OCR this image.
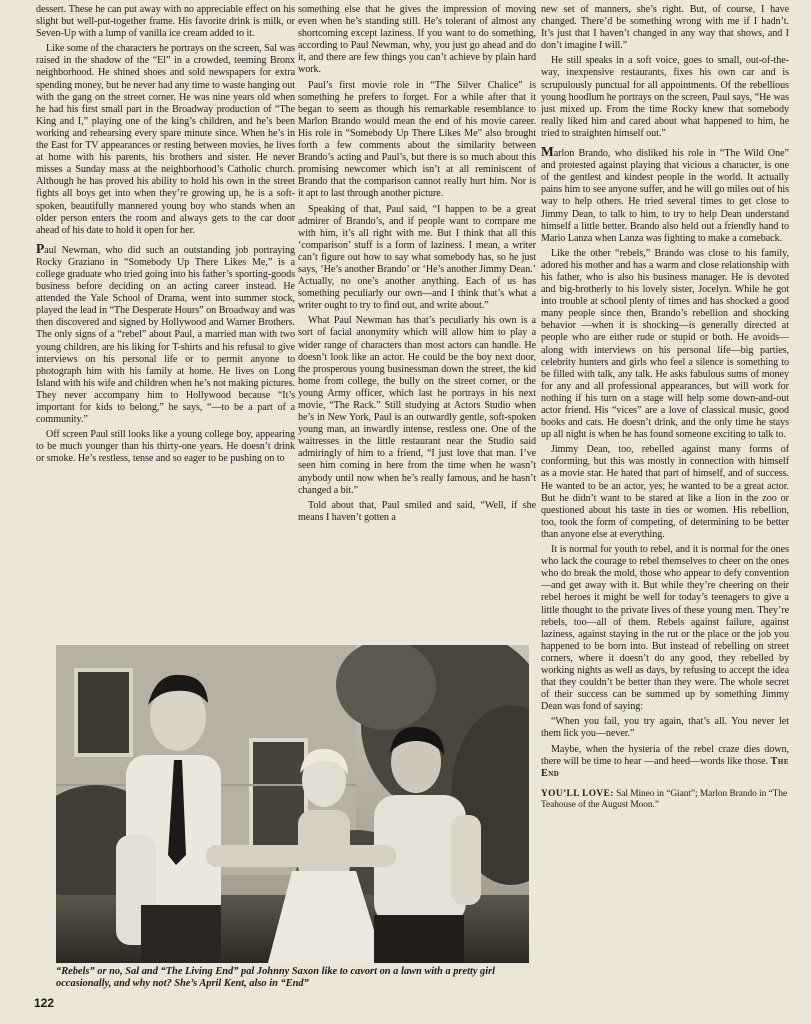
dessert. These he can put away with no appreciable effect on his slight but well-put-together frame. His favorite drink is milk, or Seven-Up with a lump of vanilla ice cream added to it.

Like some of the characters he portrays on the screen, Sal was raised in the shadow of the “El” in a crowded, teeming Bronx neighborhood. He shined shoes and sold newspapers for extra spending money, but he never had any time to waste hanging out with the gang on the street corner. He was nine years old when he had his first small part in the Broadway production of “The King and I,” playing one of the king’s children, and he’s been working and rehearsing every spare minute since. When he’s in the East for TV appearances or resting between movies, he lives at home with his parents, his brothers and sister. He never misses a Sunday mass at the neighborhood’s Catholic church. Although he has proved his ability to hold his own in the street fights all boys get into when they’re growing up, he is a soft-spoken, beautifully mannered young boy who stands when an older person enters the room and always gets to the car door ahead of his date to hold it open for her.

Paul Newman, who did such an outstanding job portraying Rocky Graziano in “Somebody Up There Likes Me,” is a college graduate who tried going into his father’s sporting-goods business before deciding on an acting career instead. He attended the Yale School of Drama, went into summer stock, played the lead in “The Desperate Hours” on Broadway and was then discovered and signed by Hollywood and Warner Brothers. The only signs of a “rebel” about Paul, a married man with two young children, are his liking for T-shirts and his refusal to give interviews on his personal life or to permit anyone to photograph him with his family at home. He lives on Long Island with his wife and children when he’s not making pictures. They never accompany him to Hollywood because “It’s important for kids to belong,” he says, “—to be a part of a community.”

Off screen Paul still looks like a young college boy, appearing to be much younger than his thirty-one years. He doesn’t drink or smoke. He’s restless, tense and so eager to be pushing on to

something else that he gives the impression of moving even when he’s standing still. He’s tolerant of almost any shortcoming except laziness. If you want to do something, according to Paul Newman, why, you just go ahead and do it, and there are few things you can’t achieve by plain hard work.

Paul’s first movie role in “The Silver Chalice” is something he prefers to forget. For a while after that it began to seem as though his remarkable resemblance to Marlon Brando would mean the end of his movie career. His role in “Somebody Up There Likes Me” also brought forth a few comments about the similarity between Brando’s acting and Paul’s, but there is so much about this promising newcomer which isn’t at all reminiscent of Brando that the comparison cannot really hurt him. Nor is it apt to last through another picture.

Speaking of that, Paul said, “I happen to be a great admirer of Brando’s, and if people want to compare me with him, it’s all right with me. But I think that all this ‘comparison’ stuff is a form of laziness. I mean, a writer can’t figure out how to say what somebody has, so he just says, ‘He’s another Brando’ or ‘He’s another Jimmy Dean.’ Actually, no one’s another anything. Each of us has something peculiarly our own—and I think that’s what a writer ought to try to find out, and write about.”

What Paul Newman has that’s peculiarly his own is a sort of facial anonymity which will allow him to play a wider range of characters than most actors can handle. He doesn’t look like an actor. He could be the boy next door, the prosperous young businessman down the street, the kid home from college, the bully on the street corner, or the young Army officer, which last he portrays in his next movie, “The Rack.” Still studying at Actors Studio when he’s in New York, Paul is an outwardly gentle, soft-spoken young man, an inwardly intense, restless one. One of the waitresses in the little restaurant near the Studio said admiringly of him to a friend, “I just love that man. I’ve seen him coming in here from the time when he wasn’t anybody until now when he’s really famous, and he hasn’t changed a bit.”

Told about that, Paul smiled and said, “Well, if she means I haven’t gotten a

new set of manners, she’s right. But, of course, I have changed. There’d be something wrong with me if I hadn’t. It’s just that I haven’t changed in any way that shows, and I don’t imagine I will.”

He still speaks in a soft voice, goes to small, out-of-the-way, inexpensive restaurants, fixes his own car and is scrupulously punctual for all appointments. Of the rebellious young hoodlum he portrays on the screen, Paul says, “He was just mixed up. From the time Rocky knew that somebody really liked him and cared about what happened to him, he tried to straighten himself out.”

Marlon Brando, who disliked his role in “The Wild One” and protested against playing that vicious a character, is one of the gentlest and kindest people in the world. It actually pains him to see anyone suffer, and he will go miles out of his way to help others. He tried several times to get close to Jimmy Dean, to talk to him, to try to help Dean understand himself a little better. Brando also held out a friendly hand to Mario Lanza when Lanza was fighting to make a comeback.

Like the other “rebels,” Brando was close to his family, adored his mother and has a warm and close relationship with his father, who is also his business manager. He is devoted and big-brotherly to his lovely sister, Jocelyn. While he got into trouble at school plenty of times and has shocked a good many people since then, Brando’s rebellion and shocking behavior —when it is shocking—is generally directed at people who are either rude or stupid or both. He avoids—along with interviews on his personal life—big parties, celebrity hunters and girls who feel a silence is something to be filled with talk, any talk. He asks fabulous sums of money for any and all professional appearances, but will work for nothing if his turn on a stage will help some down-and-out actor friend. His “vices” are a love of classical music, good books and cats. He doesn’t drink, and the only time he stays up all night is when he has found someone exciting to talk to.

Jimmy Dean, too, rebelled against many forms of conforming, but this was mostly in connection with himself as a movie star. He hated that part of himself, and of success. He wanted to be an actor, yes; he wanted to be a great actor. But he didn’t want to be stared at like a lion in the zoo or questioned about his taste in ties or women. His rebellion, too, took the form of competing, of determining to be better than anyone else at everything.

It is normal for youth to rebel, and it is normal for the ones who lack the courage to rebel themselves to cheer on the ones who do break the mold, those who appear to defy convention—and get away with it. But while they’re cheering on their rebel heroes it might be well for today’s teenagers to give a little thought to the private lives of these young men. They’re rebels, too—all of them. Rebels against failure, against laziness, against staying in the rut or the place or the job you happened to be born into. But instead of rebelling on street corners, where it doesn’t do any good, they rebelled by working nights as well as days, by refusing to accept the idea that they couldn’t be better than they were. The whole secret of their success can be summed up by something Jimmy Dean was fond of saying:

“When you fail, you try again, that’s all. You never let them lick you—never.”

Maybe, when the hysteria of the rebel craze dies down, there will be time to hear —and heed—words like those. The End

YOU’LL LOVE: Sal Mineo in “Giant”; Marlon Brando in “The Teahouse of the August Moon.”

“Rebels” or no, Sal and “The Living End” pal Johnny Saxon like to cavort on a lawn with a pretty girl occasionally, and why not? She’s April Kent, also in “End”
122
